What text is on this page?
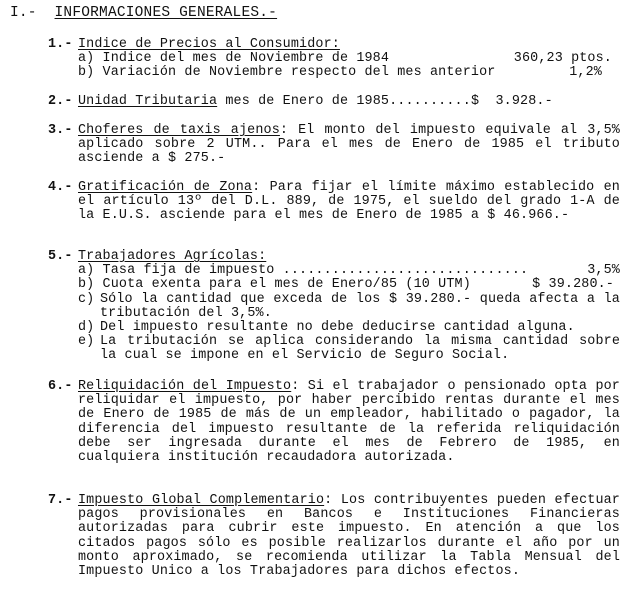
I.- INFORMACIONES GENERALES.-
1.- Indice de Precios al Consumidor:
a) Indice del mes de Noviembre de 1984	360,23 ptos.
b) Variación de Noviembre respecto del mes anterior	1,2%
2.- Unidad Tributaria mes de Enero de 1985..........$  3.928.-
3.- Choferes de taxis ajenos: El monto del impuesto equivale al 3,5% aplicado sobre 2 UTM.. Para el mes de Enero de 1985 el tributo asciende a $ 275.-

4.- Gratificación de Zona: Para fijar el límite máximo establecido en el artículo 13º del D.L. 889, de 1975, el sueldo del grado 1-A de la E.U.S. asciende para el mes de Enero de 1985 a $ 46.966.-

5.- Trabajadores Agrícolas:
a) Tasa fija de impuesto ..............................	3,5%
b) Cuota exenta para el mes de Enero/85 (10 UTM)	$ 39.280.-
c) Sólo la cantidad que exceda de los $ 39.280.- queda afecta a la tributación del 3,5%.
d) Del impuesto resultante no debe deducirse cantidad alguna.
e) La tributación se aplica considerando la misma cantidad sobre la cual se impone en el Servicio de Seguro Social.
6.- Reliquidación del Impuesto: Si el trabajador o pensionado opta por reliquidar el impuesto, por haber percibido rentas durante el mes de Enero de 1985 de más de un empleador, habilitado o pagador, la diferencia del impuesto resultante de la referida reliquidación debe ser ingresada durante el mes de Febrero de 1985, en cualquiera institución recaudadora autorizada.

7.- Impuesto Global Complementario: Los contribuyentes pueden efectuar pagos provisionales en Bancos e Instituciones Financieras autorizadas para cubrir este impuesto. En atención a que los citados pagos sólo es posible realizarlos durante el año por un monto aproximado, se recomienda utilizar la Tabla Mensual del Impuesto Unico a los Trabajadores para dichos efectos.
